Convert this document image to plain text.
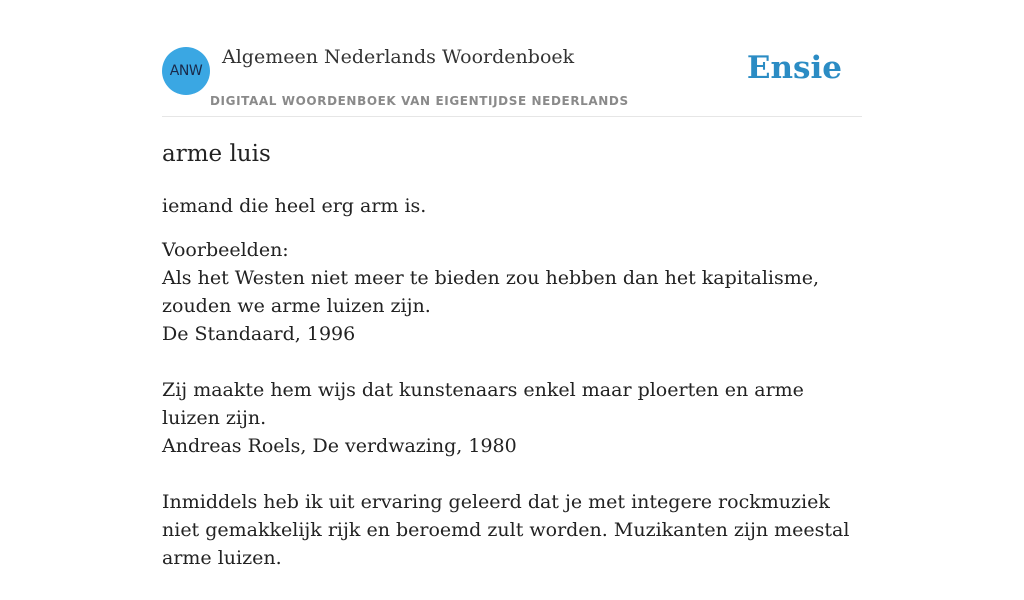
ANW
Algemeen Nederlands Woordenboek
DIGITAAL WOORDENBOEK VAN EIGENTIJDSE NEDERLANDS
Ensie
arme luis

iemand die heel erg arm is.

Voorbeelden:

Als het Westen niet meer te bieden zou hebben dan het kapitalisme, zouden we arme luizen zijn.
De Standaard, 1996
Zij maakte hem wijs dat kunstenaars enkel maar ploerten en arme luizen zijn.
Andreas Roels, De verdwazing, 1980
Inmiddels heb ik uit ervaring geleerd dat je met integere rockmuziek niet gemakkelijk rijk en beroemd zult worden. Muzikanten zijn meestal arme luizen.
